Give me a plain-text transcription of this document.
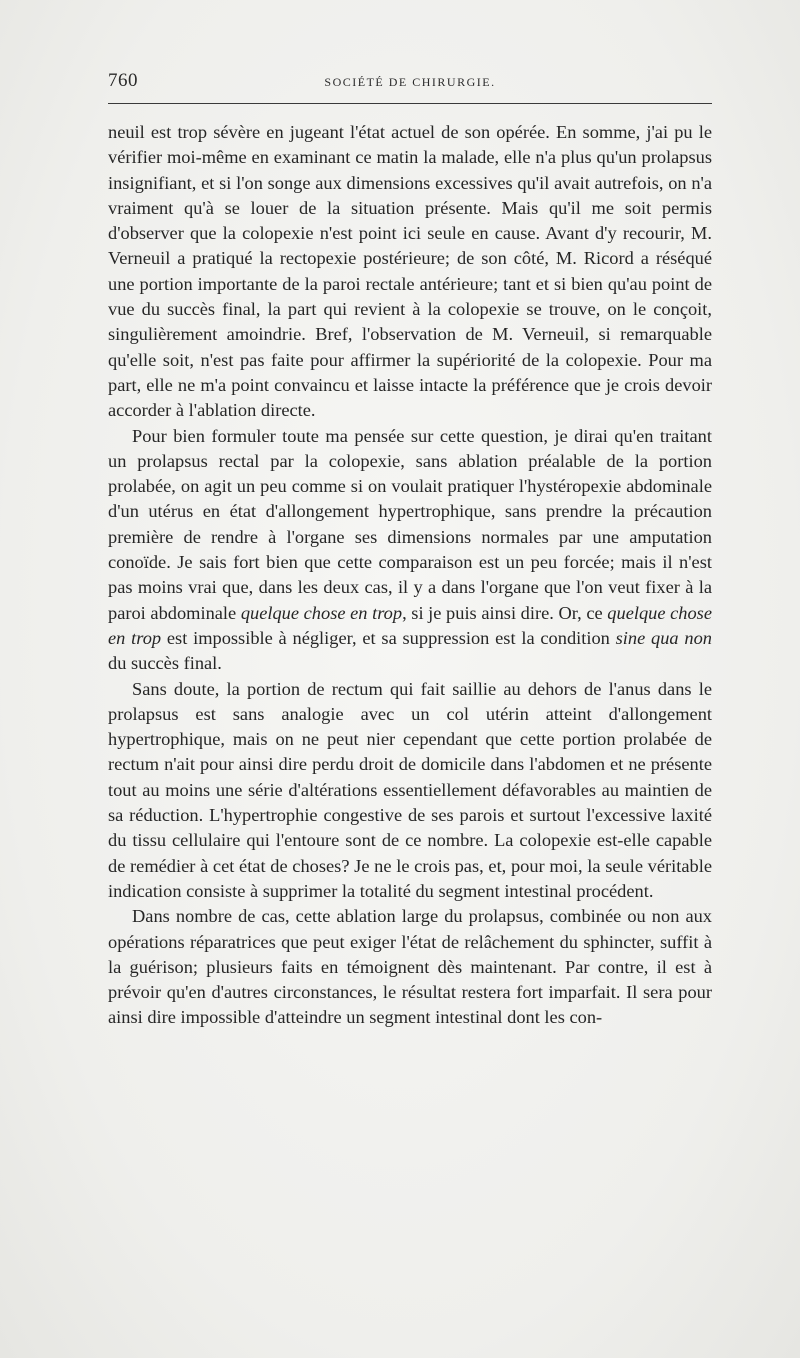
760	SOCIÉTÉ DE CHIRURGIE.

neuil est trop sévère en jugeant l'état actuel de son opérée. En somme, j'ai pu le vérifier moi-même en examinant ce matin la malade, elle n'a plus qu'un prolapsus insignifiant, et si l'on songe aux dimensions excessives qu'il avait autrefois, on n'a vraiment qu'à se louer de la situation présente. Mais qu'il me soit permis d'observer que la colopexie n'est point ici seule en cause. Avant d'y recourir, M. Verneuil a pratiqué la rectopexie postérieure; de son côté, M. Ricord a réséqué une portion importante de la paroi rectale antérieure; tant et si bien qu'au point de vue du succès final, la part qui revient à la colopexie se trouve, on le conçoit, singulièrement amoindrie. Bref, l'observation de M. Verneuil, si remarquable qu'elle soit, n'est pas faite pour affirmer la supériorité de la colopexie. Pour ma part, elle ne m'a point convaincu et laisse intacte la préférence que je crois devoir accorder à l'ablation directe.

Pour bien formuler toute ma pensée sur cette question, je dirai qu'en traitant un prolapsus rectal par la colopexie, sans ablation préalable de la portion prolabée, on agit un peu comme si on voulait pratiquer l'hystéropexie abdominale d'un utérus en état d'allongement hypertrophique, sans prendre la précaution première de rendre à l'organe ses dimensions normales par une amputation conoïde. Je sais fort bien que cette comparaison est un peu forcée; mais il n'est pas moins vrai que, dans les deux cas, il y a dans l'organe que l'on veut fixer à la paroi abdominale quelque chose en trop, si je puis ainsi dire. Or, ce quelque chose en trop est impossible à négliger, et sa suppression est la condition sine qua non du succès final.

Sans doute, la portion de rectum qui fait saillie au dehors de l'anus dans le prolapsus est sans analogie avec un col utérin atteint d'allongement hypertrophique, mais on ne peut nier cependant que cette portion prolabée de rectum n'ait pour ainsi dire perdu droit de domicile dans l'abdomen et ne présente tout au moins une série d'altérations essentiellement défavorables au maintien de sa réduction. L'hypertrophie congestive de ses parois et surtout l'excessive laxité du tissu cellulaire qui l'entoure sont de ce nombre. La colopexie est-elle capable de remédier à cet état de choses? Je ne le crois pas, et, pour moi, la seule véritable indication consiste à supprimer la totalité du segment intestinal procédent.

Dans nombre de cas, cette ablation large du prolapsus, combinée ou non aux opérations réparatrices que peut exiger l'état de relâchement du sphincter, suffit à la guérison; plusieurs faits en témoignent dès maintenant. Par contre, il est à prévoir qu'en d'autres circonstances, le résultat restera fort imparfait. Il sera pour ainsi dire impossible d'atteindre un segment intestinal dont les con-
